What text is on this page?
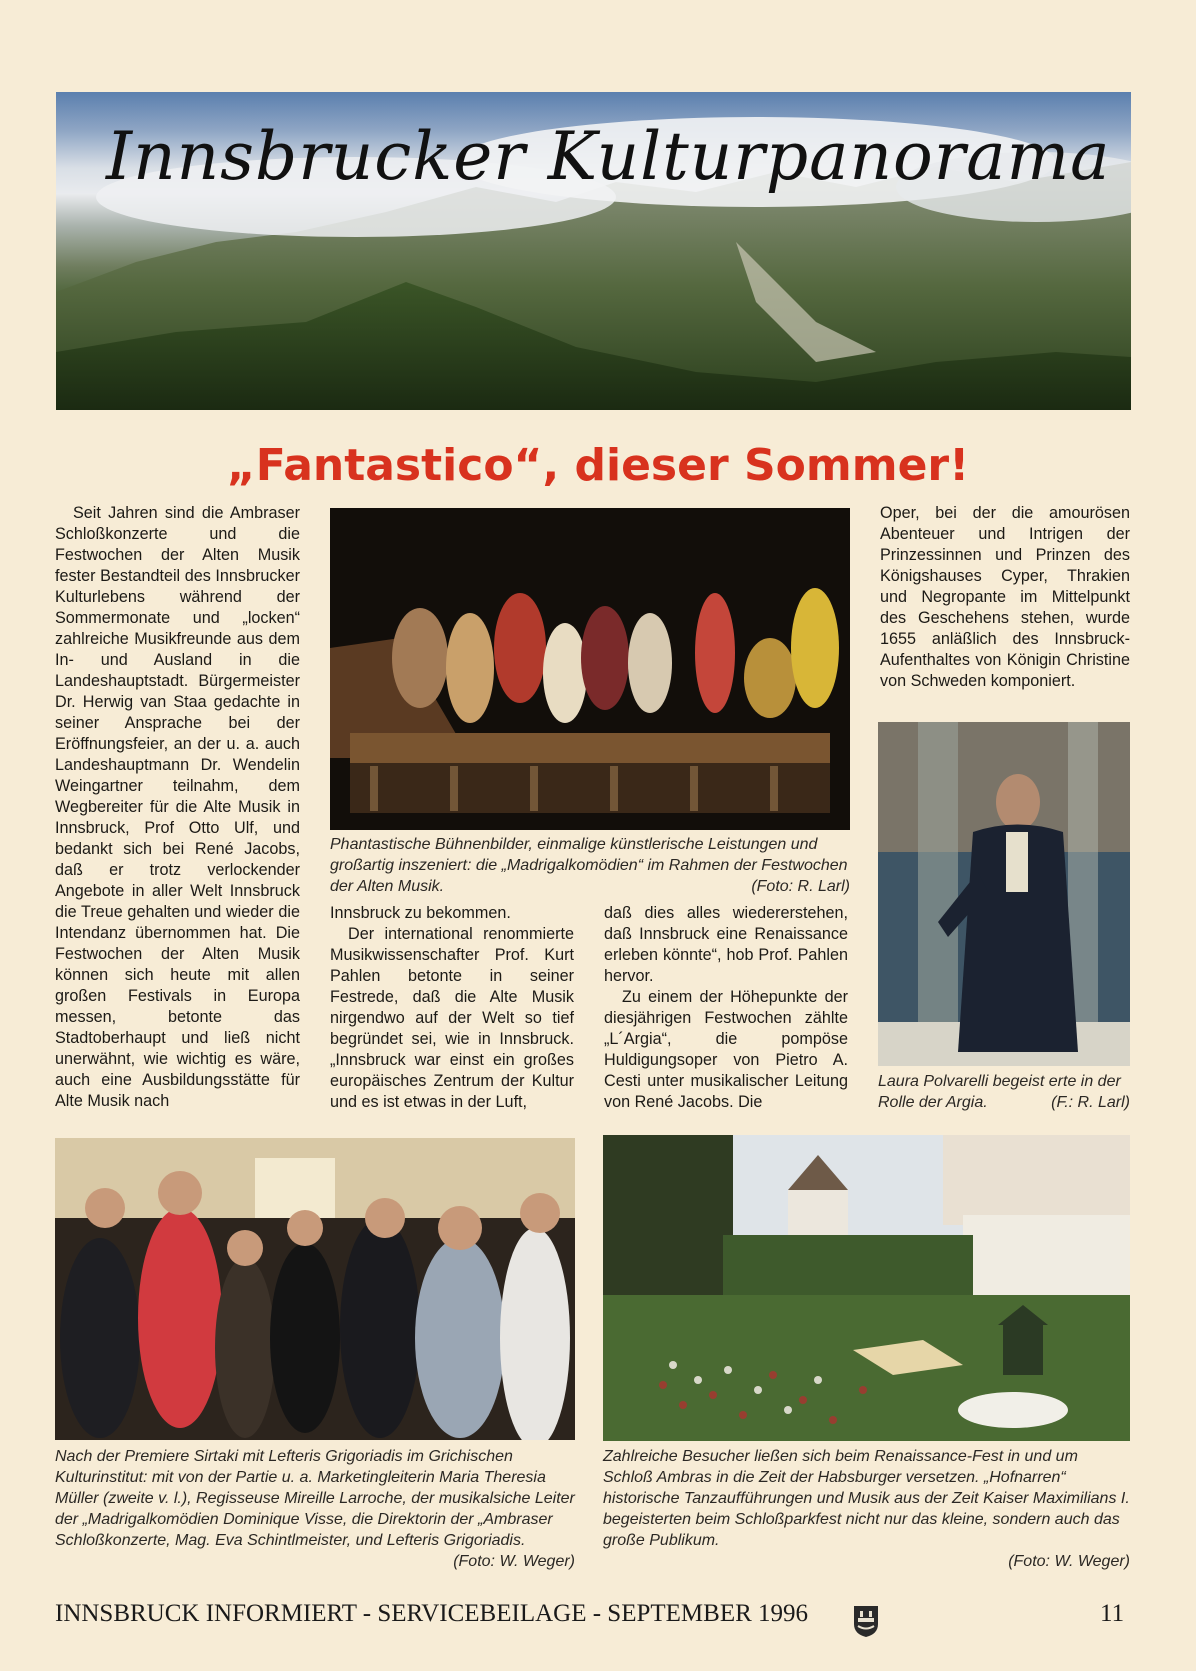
Innsbrucker Kulturpanorama
„Fantastico“, dieser Sommer!

Seit Jahren sind die Ambraser Schloßkonzerte und die Festwochen der Alten Musik fester Bestandteil des Innsbrucker Kulturlebens während der Sommermonate und „locken“ zahlreiche Musikfreunde aus dem In- und Ausland in die Landeshauptstadt. Bürgermeister Dr. Herwig van Staa gedachte in seiner Ansprache bei der Eröffnungsfeier, an der u. a. auch Landeshauptmann Dr. Wendelin Weingartner teilnahm, dem Wegbereiter für die Alte Musik in Innsbruck, Prof Otto Ulf, und bedankt sich bei René Jacobs, daß er trotz verlockender Angebote in aller Welt Innsbruck die Treue gehalten und wieder die Intendanz übernommen hat. Die Festwochen der Alten Musik können sich heute mit allen großen Festivals in Europa messen, betonte das Stadtoberhaupt und ließ nicht unerwähnt, wie wichtig es wäre, auch eine Ausbildungsstätte für Alte Musik nach

Phantastische Bühnenbilder, einmalige künstlerische Leistungen und großartig inszeniert: die „Madrigalkomödien“ im Rahmen der Festwochen der Alten Musik.	(Foto: R. Larl)

Innsbruck zu bekommen.

Der international renommierte Musikwissenschafter Prof. Kurt Pahlen betonte in seiner Festrede, daß die Alte Musik nirgendwo auf der Welt so tief begründet sei, wie in Innsbruck. „Innsbruck war einst ein großes europäisches Zentrum der Kultur und es ist etwas in der Luft,

daß dies alles wiedererstehen, daß Innsbruck eine Renaissance erleben könnte“, hob Prof. Pahlen hervor.

Zu einem der Höhepunkte der diesjährigen Festwochen zählte „L´Argia“, die pompöse Huldigungsoper von Pietro A. Cesti unter musikalischer Leitung von René Jacobs. Die

Oper, bei der die amourösen Abenteuer und Intrigen der Prinzessinnen und Prinzen des Königshauses Cyper, Thrakien und Negropante im Mittelpunkt des Geschehens stehen, wurde 1655 anläßlich des Innsbruck-Aufenthaltes von Königin Christine von Schweden komponiert.

Laura Polvarelli begeist erte in der Rolle der Argia.	(F.: R. Larl)
Nach der Premiere Sirtaki mit Lefteris Grigoriadis im Grichischen Kulturinstitut: mit von der Partie u. a. Marketingleiterin Maria Theresia Müller (zweite v. l.), Regisseuse Mireille Larroche, der musikalsiche Leiter der „Madrigalkomödien Dominique Visse, die Direktorin der „Ambraser Schloßkonzerte, Mag. Eva Schintlmeister, und Lefteris Grigoriadis.
(Foto: W. Weger)
Zahlreiche Besucher ließen sich beim Renaissance-Fest in und um Schloß Ambras in die Zeit der Habsburger versetzen. „Hofnarren“ historische Tanzaufführungen und Musik aus der Zeit Kaiser Maximilians I. begeisterten beim Schloßparkfest nicht nur das kleine, sondern auch das große Publikum.
(Foto: W. Weger)
INNSBRUCK INFORMIERT - SERVICEBEILAGE - SEPTEMBER 1996	11
